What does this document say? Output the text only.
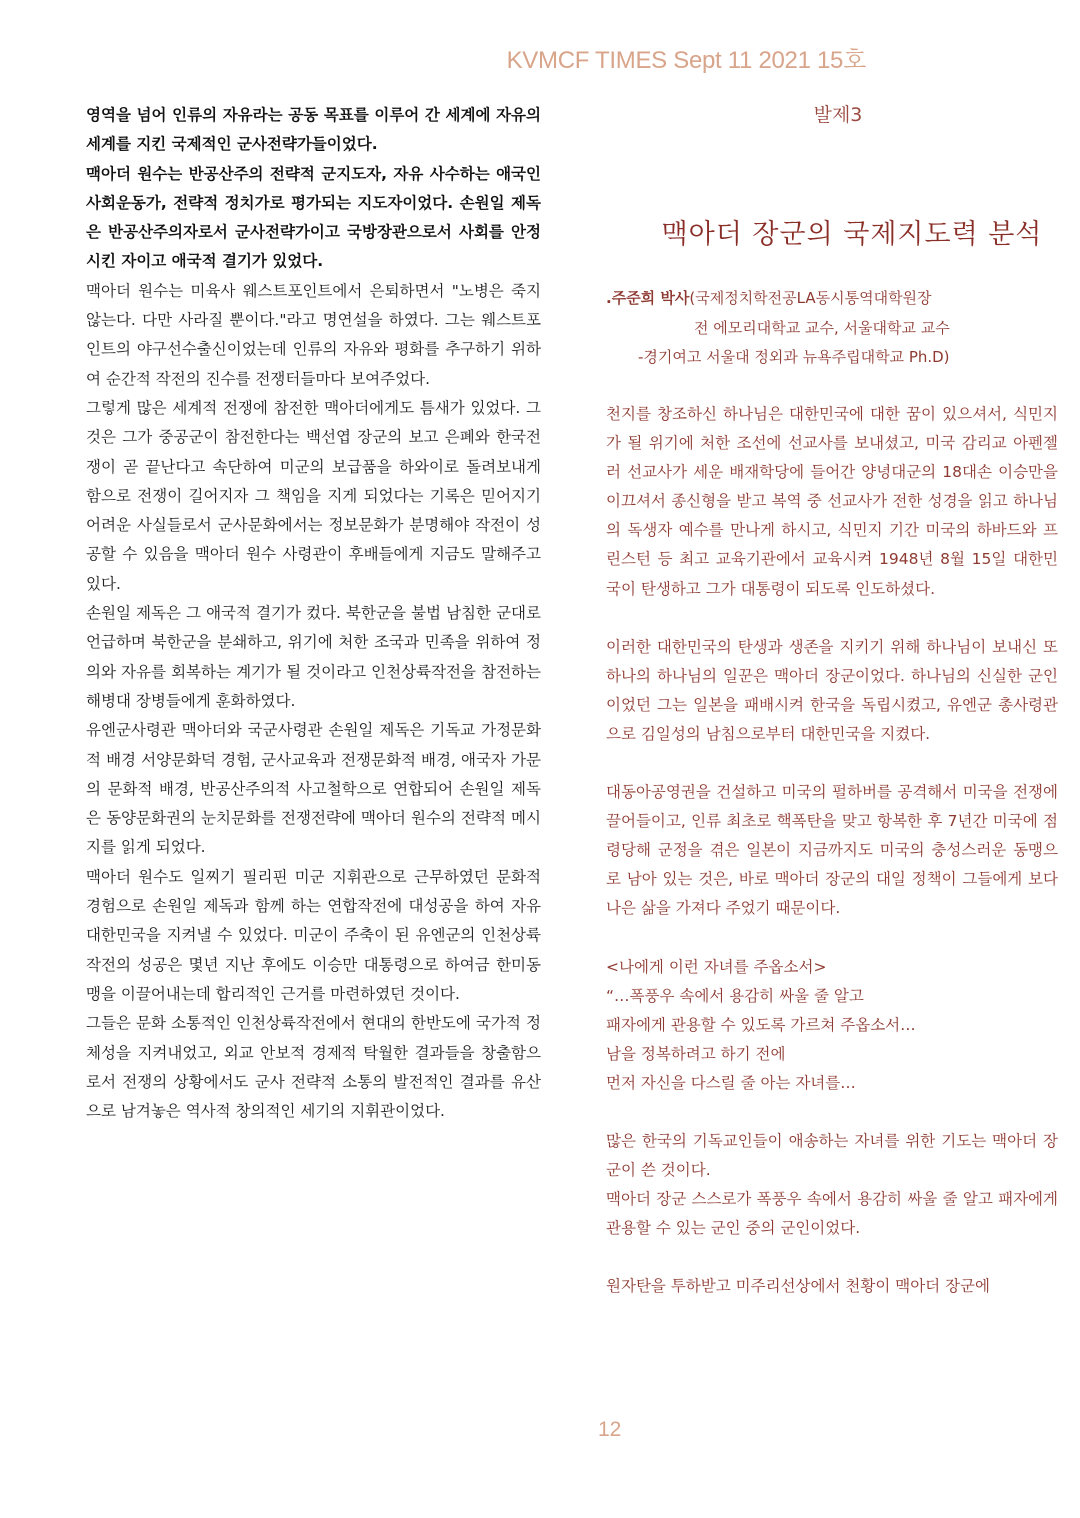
KVMCF TIMES Sept 11 2021 15호

영역을 넘어 인류의 자유라는 공동 목표를 이루어 간 세계에 자유의 세계를 지킨 국제적인 군사전략가들이었다.

맥아더 원수는 반공산주의 전략적 군지도자, 자유 사수하는 애국인 사회운동가, 전략적 정치가로 평가되는 지도자이었다. 손원일 제독은 반공산주의자로서 군사전략가이고 국방장관으로서 사회를 안정시킨 자이고 애국적 결기가 있었다.

맥아더 원수는 미육사 웨스트포인트에서 은퇴하면서 "노병은 죽지 않는다. 다만 사라질 뿐이다."라고 명연설을 하였다. 그는 웨스트포인트의 야구선수출신이었는데 인류의 자유와 평화를 추구하기 위하여 순간적 작전의 진수를 전쟁터들마다 보여주었다.

그렇게 많은 세계적 전쟁에 참전한 맥아더에게도 틈새가 있었다. 그것은 그가 중공군이 참전한다는 백선엽 장군의 보고 은폐와 한국전쟁이 곧 끝난다고 속단하여 미군의 보급품을 하와이로 돌려보내게 함으로 전쟁이 길어지자 그 책임을 지게 되었다는 기록은 믿어지기 어려운 사실들로서 군사문화에서는 정보문화가 분명해야 작전이 성공할 수 있음을 맥아더 원수 사령관이 후배들에게 지금도 말해주고 있다.

손원일 제독은 그 애국적 결기가 컸다. 북한군을 불법 남침한 군대로 언급하며 북한군을 분쇄하고, 위기에 처한 조국과 민족을 위하여 정의와 자유를 회복하는 계기가 될 것이라고 인천상륙작전을 참전하는 해병대 장병들에게 훈화하였다.

유엔군사령관 맥아더와 국군사령관 손원일 제독은 기독교 가정문화적 배경 서양문화덕 경험, 군사교육과 전쟁문화적 배경, 애국자 가문의 문화적 배경, 반공산주의적 사고철학으로 연합되어 손원일 제독은 동양문화권의 눈치문화를 전쟁전략에 맥아더 원수의 전략적 메시지를 읽게 되었다.

맥아더 원수도 일찌기 필리핀 미군 지휘관으로 근무하였던 문화적 경험으로 손원일 제독과 함께 하는 연합작전에 대성공을 하여 자유대한민국을 지켜낼 수 있었다. 미군이 주축이 된 유엔군의 인천상륙작전의 성공은 몇년 지난 후에도 이승만 대통령으로 하여금 한미동맹을 이끌어내는데 합리적인 근거를 마련하였던 것이다.

그들은 문화 소통적인 인천상륙작전에서 현대의 한반도에 국가적 정체성을 지켜내었고, 외교 안보적 경제적 탁월한 결과들을 창출함으로서 전쟁의 상황에서도 군사 전략적 소통의 발전적인 결과를 유산으로 남겨놓은 역사적 창의적인 세기의 지휘관이었다.

발제3
맥아더 장군의 국제지도력 분석
.주준희 박사(국제정치학전공LA동시통역대학원장
전 에모리대학교 교수, 서울대학교 교수
-경기여고 서울대 정외과 뉴욕주립대학교 Ph.D)

천지를 창조하신 하나님은 대한민국에 대한 꿈이 있으셔서, 식민지가 될 위기에 처한 조선에 선교사를 보내셨고, 미국 감리교 아펜젤러 선교사가 세운 배재학당에 들어간 양녕대군의 18대손 이승만을 이끄셔서 종신형을 받고 복역 중 선교사가 전한 성경을 읽고 하나님의 독생자 예수를 만나게 하시고, 식민지 기간 미국의 하바드와 프린스턴 등 최고 교육기관에서 교육시켜 1948년 8월 15일 대한민국이 탄생하고 그가 대통령이 되도록 인도하셨다.

이러한 대한민국의 탄생과 생존을 지키기 위해 하나님이 보내신 또 하나의 하나님의 일꾼은 맥아더 장군이었다. 하나님의 신실한 군인이었던 그는 일본을 패배시켜 한국을 독립시켰고, 유엔군 총사령관으로 김일성의 남침으로부터 대한민국을 지켰다.

대동아공영권을 건설하고 미국의 펄하버를 공격해서 미국을 전쟁에 끌어들이고, 인류 최초로 핵폭탄을 맞고 항복한 후 7년간 미국에 점령당해 군정을 겪은 일본이 지금까지도 미국의 충성스러운 동맹으로 남아 있는 것은, 바로 맥아더 장군의 대일 정책이 그들에게 보다 나은 삶을 가져다 주었기 때문이다.

<나에게 이런 자녀를 주옵소서>
“…폭풍우 속에서 용감히 싸울 줄 알고
패자에게 관용할 수 있도록 가르쳐 주옵소서…
남을 정복하려고 하기 전에
먼저 자신을 다스릴 줄 아는 자녀를…

많은 한국의 기독교인들이 애송하는 자녀를 위한 기도는 맥아더 장군이 쓴 것이다.
맥아더 장군 스스로가 폭풍우 속에서 용감히 싸울 줄 알고 패자에게 관용할 수 있는 군인 중의 군인이었다.

원자탄을 투하받고 미주리선상에서 천황이 맥아더 장군에

12
